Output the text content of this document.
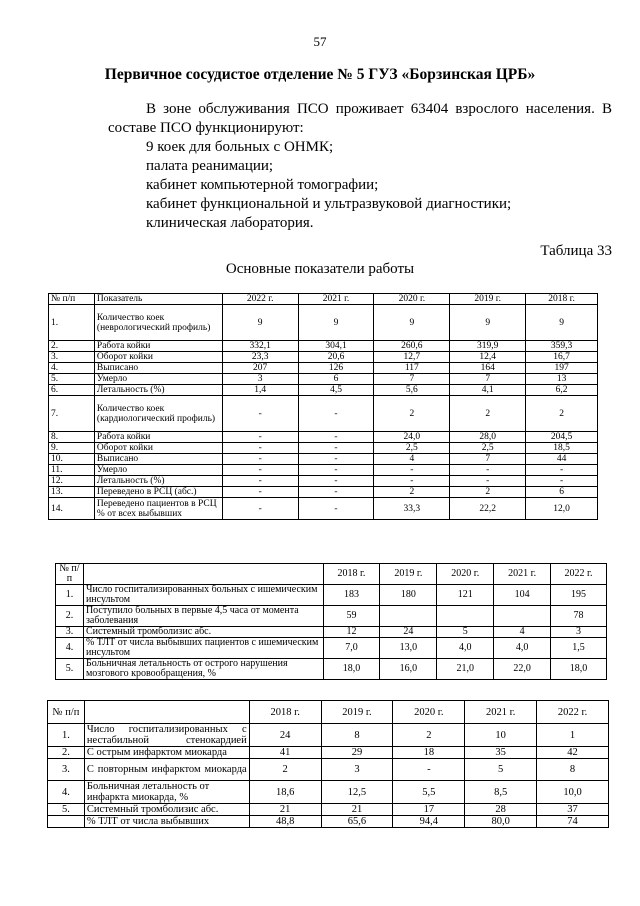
57
Первичное сосудистое отделение № 5 ГУЗ «Борзинская ЦРБ»

В зоне обслуживания ПСО проживает 63404 взрослого населения. В составе ПСО функционируют:

9 коек для больных с ОНМК;

палата реанимации;

кабинет компьютерной томографии;

кабинет функциональной и ультразвуковой диагностики;

клиническая лаборатория.

Таблица 33
Основные показатели работы
№ п/п	Показатель	2022 г.	2021 г.	2020 г.	2019 г.	2018 г.
1.	Количество коек (неврологический профиль)	9	9	9	9	9
2.	Работа койки	332,1	304,1	260,6	319,9	359,3
3.	Оборот койки	23,3	20,6	12,7	12,4	16,7
4.	Выписано	207	126	117	164	197
5.	Умерло	3	6	7	7	13
6.	Летальность (%)	1,4	4,5	5,6	4,1	6,2
7.	Количество коек (кардиологический профиль)	-	-	2	2	2
8.	Работа койки	-	-	24,0	28,0	204,5
9.	Оборот койки	-	-	2,5	2,5	18,5
10.	Выписано	-	-	4	7	44
11.	Умерло	-	-	-	-	-
12.	Летальность (%)	-	-	-	-	-
13.	Переведено в РСЦ (абс.)	-	-	2	2	6
14.	Переведено пациентов в РСЦ % от всех выбывших	-	-	33,3	22,2	12,0
№ п/п		2018 г.	2019 г.	2020 г.	2021 г.	2022 г.
1.	Число госпитализированных больных с ишемическим инсультом	183	180	121	104	195
2.	Поступило больных в первые 4,5 часа от момента заболевания	59				78
3.	Системный тромболизис абс.	12	24	5	4	3
4.	% ТЛТ от числа выбывших пациентов с ишемическим инсультом	7,0	13,0	4,0	4,0	1,5
5.	Больничная летальность от острого нарушения мозгового кровообращения, %	18,0	16,0	21,0	22,0	18,0
№ п/п		2018 г.	2019 г.	2020 г.	2021 г.	2022 г.
1.	Число госпитализированных с нестабильной стенокардией	24	8	2	10	1
2.	С острым инфарктом миокарда	41	29	18	35	42
3.	С повторным инфарктом миокарда	2	3	-	5	8
4.	Больничная летальность от инфаркта миокарда, %	18,6	12,5	5,5	8,5	10,0
5.	Системный тромболизис абс.	21	21	17	28	37
	% ТЛТ от числа выбывших	48,8	65,6	94,4	80,0	74
